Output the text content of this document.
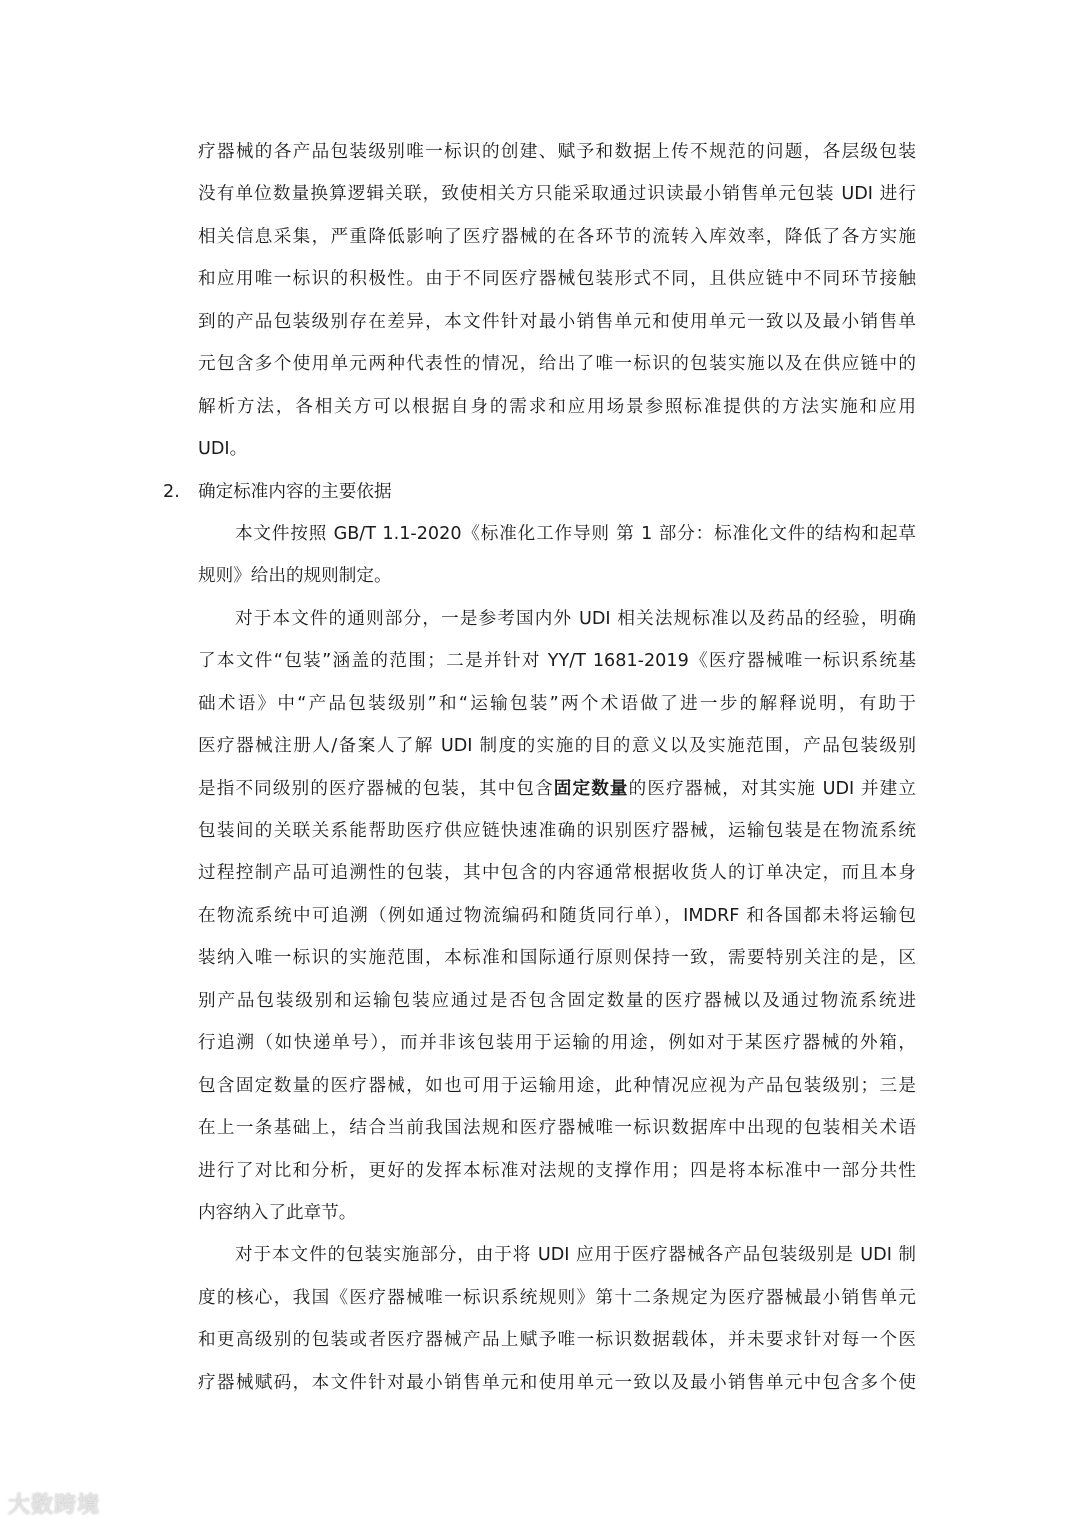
疗器械的各产品包装级别唯一标识的创建、赋予和数据上传不规范的问题，各层级包装
没有单位数量换算逻辑关联，致使相关方只能采取通过识读最小销售单元包装 UDI 进行
相关信息采集，严重降低影响了医疗器械的在各环节的流转入库效率，降低了各方实施
和应用唯一标识的积极性。由于不同医疗器械包装形式不同，且供应链中不同环节接触
到的产品包装级别存在差异，本文件针对最小销售单元和使用单元一致以及最小销售单
元包含多个使用单元两种代表性的情况，给出了唯一标识的包装实施以及在供应链中的
解析方法，各相关方可以根据自身的需求和应用场景参照标准提供的方法实施和应用
UDI。
2. 确定标准内容的主要依据
本文件按照 GB/T 1.1-2020《标准化工作导则 第 1 部分：标准化文件的结构和起草
规则》给出的规则制定。
对于本文件的通则部分，一是参考国内外 UDI 相关法规标准以及药品的经验，明确
了本文件“包装”涵盖的范围；二是并针对 YY/T 1681-2019《医疗器械唯一标识系统基
础术语》中“产品包装级别”和“运输包装”两个术语做了进一步的解释说明，有助于
医疗器械注册人/备案人了解 UDI 制度的实施的目的意义以及实施范围，产品包装级别
是指不同级别的医疗器械的包装，其中包含固定数量的医疗器械，对其实施 UDI 并建立
包装间的关联关系能帮助医疗供应链快速准确的识别医疗器械，运输包装是在物流系统
过程控制产品可追溯性的包装，其中包含的内容通常根据收货人的订单决定，而且本身
在物流系统中可追溯（例如通过物流编码和随货同行单），IMDRF 和各国都未将运输包
装纳入唯一标识的实施范围，本标准和国际通行原则保持一致，需要特别关注的是，区
别产品包装级别和运输包装应通过是否包含固定数量的医疗器械以及通过物流系统进
行追溯（如快递单号），而并非该包装用于运输的用途，例如对于某医疗器械的外箱，
包含固定数量的医疗器械，如也可用于运输用途，此种情况应视为产品包装级别；三是
在上一条基础上，结合当前我国法规和医疗器械唯一标识数据库中出现的包装相关术语
进行了对比和分析，更好的发挥本标准对法规的支撑作用；四是将本标准中一部分共性
内容纳入了此章节。
对于本文件的包装实施部分，由于将 UDI 应用于医疗器械各产品包装级别是 UDI 制
度的核心，我国《医疗器械唯一标识系统规则》第十二条规定为医疗器械最小销售单元
和更高级别的包装或者医疗器械产品上赋予唯一标识数据载体，并未要求针对每一个医
疗器械赋码，本文件针对最小销售单元和使用单元一致以及最小销售单元中包含多个使
大数跨境
